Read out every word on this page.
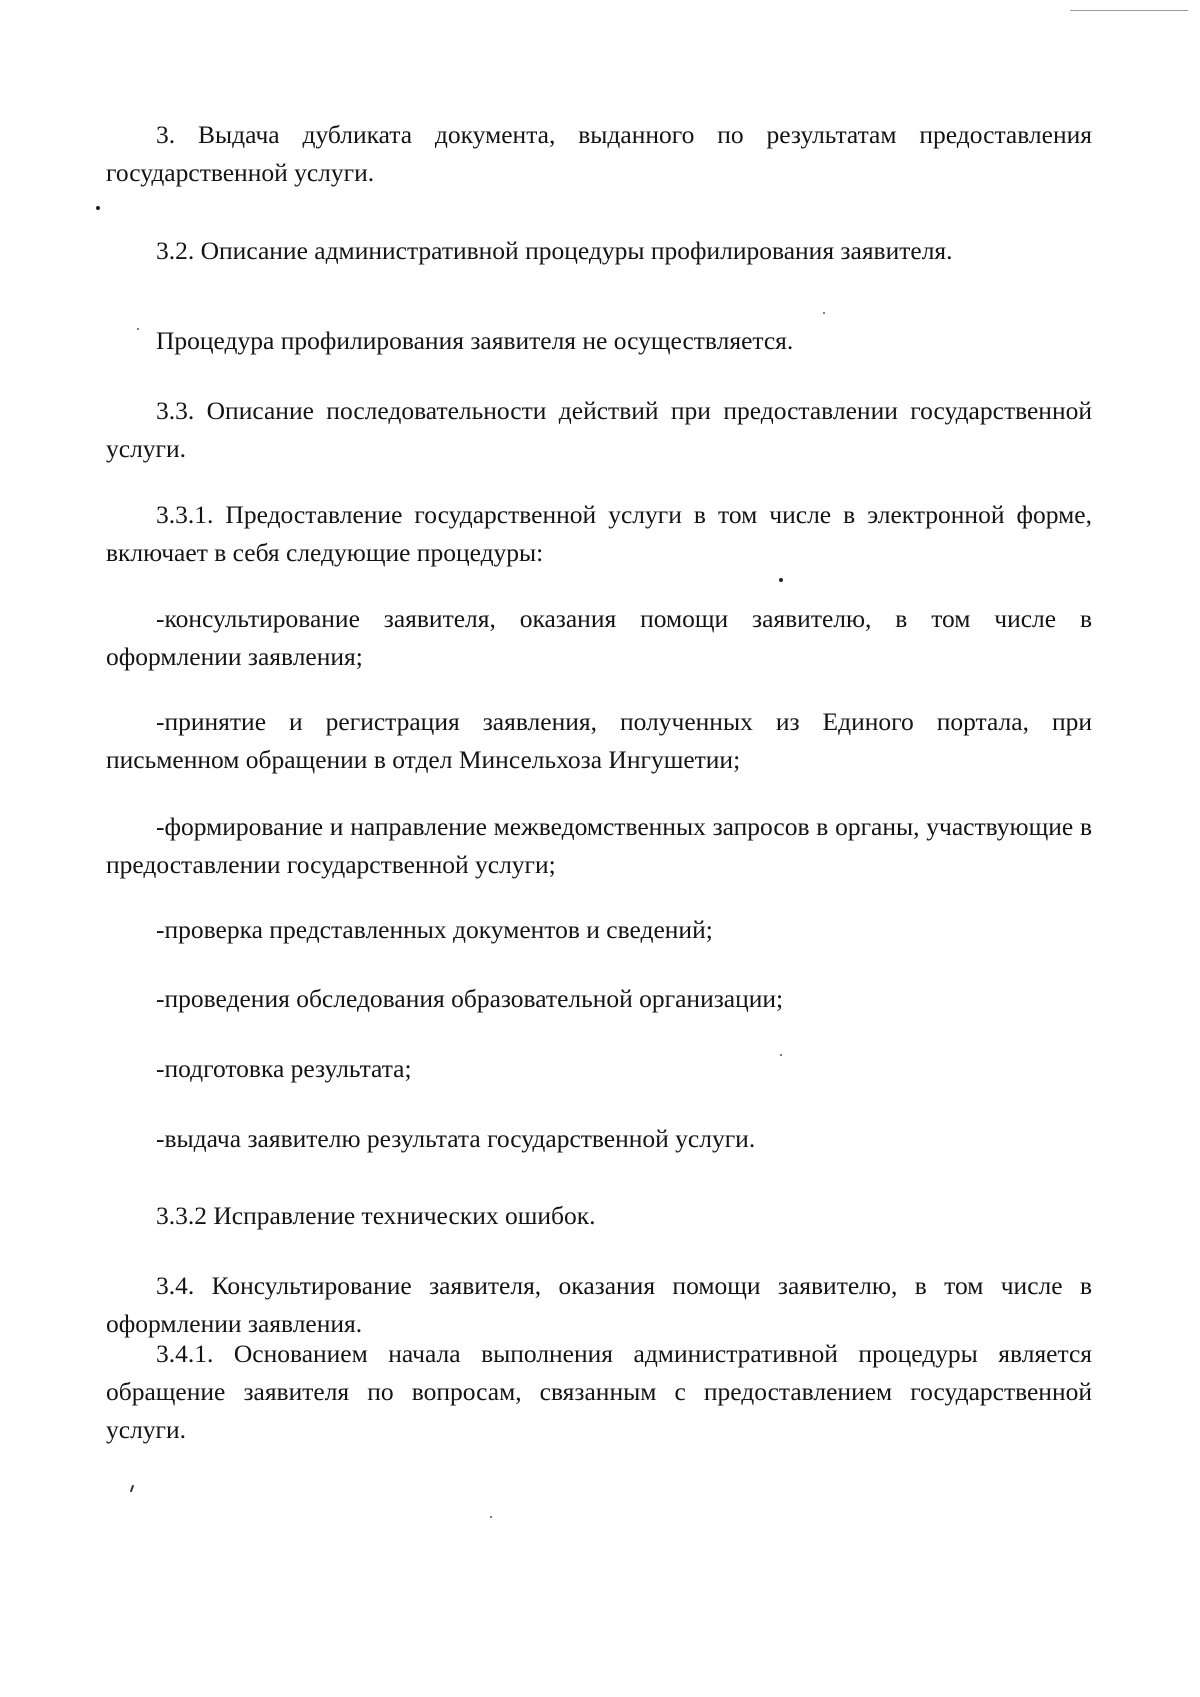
3. Выдача дубликата документа, выданного по результатам предоставления государственной услуги.

3.2. Описание административной процедуры профилирования заявителя.

Процедура профилирования заявителя не осуществляется.

3.3. Описание последовательности действий при предоставлении государственной услуги.

3.3.1. Предоставление государственной услуги в том числе в электронной форме, включает в себя следующие процедуры:

-консультирование заявителя, оказания помощи заявителю, в том числе в оформлении заявления;

-принятие и регистрация заявления, полученных из Единого портала, при письменном обращении в отдел Минсельхоза Ингушетии;

-формирование и направление межведомственных запросов в органы, участвующие в предоставлении государственной услуги;

-проверка представленных документов и сведений;

-проведения обследования образовательной организации;

-подготовка результата;

-выдача заявителю результата государственной услуги.

3.3.2 Исправление технических ошибок.

3.4. Консультирование заявителя, оказания помощи заявителю, в том числе в оформлении заявления.

3.4.1. Основанием начала выполнения административной процедуры является обращение заявителя по вопросам, связанным с предоставлением государственной услуги.
